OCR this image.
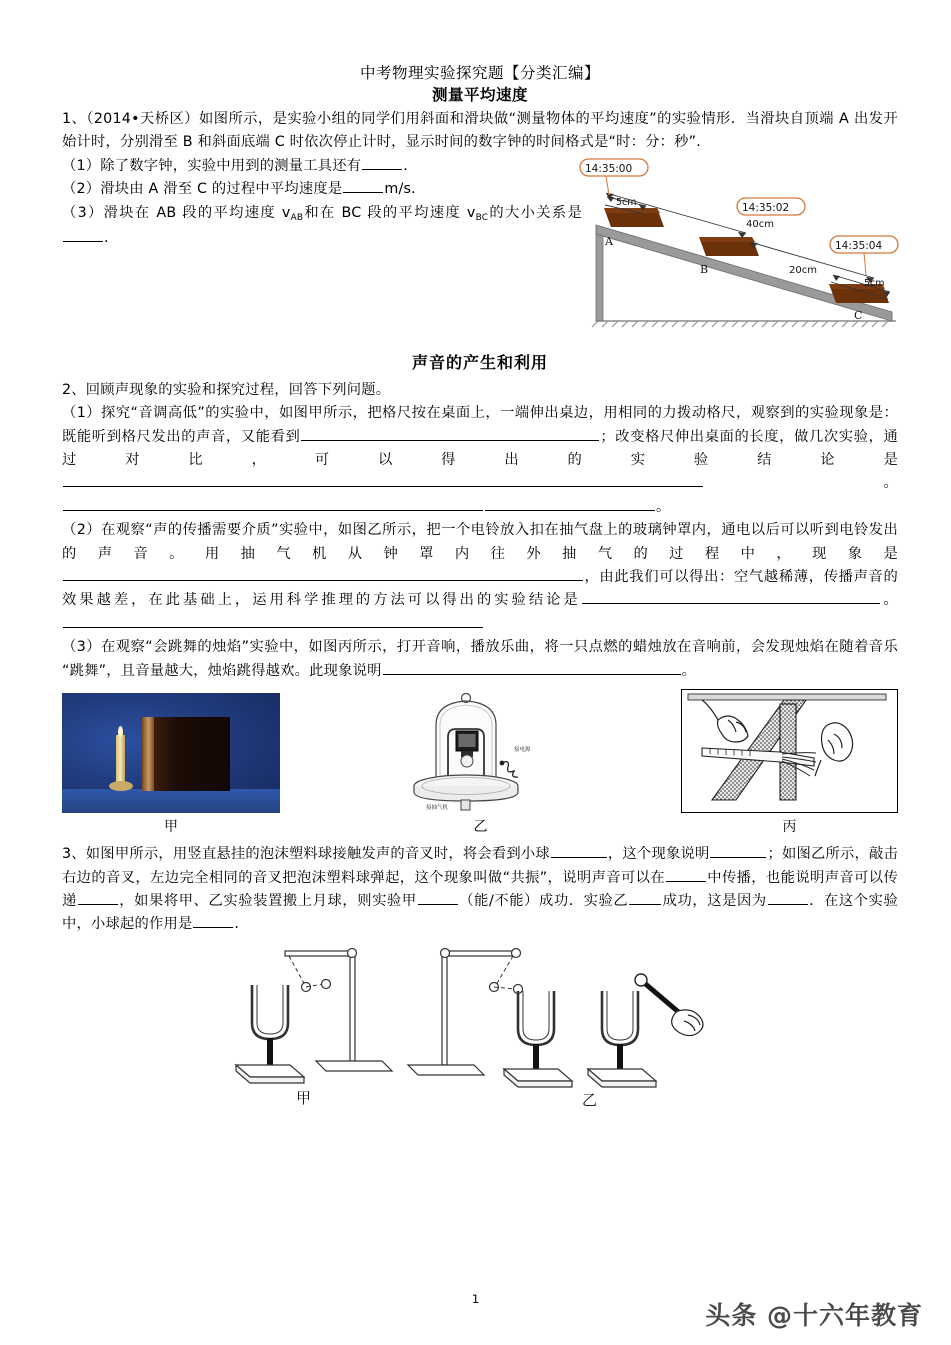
中考物理实验探究题【分类汇编】
测量平均速度

1、（2014•天桥区）如图所示，是实验小组的同学们用斜面和滑块做“测量物体的平均速度”的实验情形．当滑块自顶端 A 出发开始计时，分别滑至 B 和斜面底端 C 时依次停止计时，显示时间的数字钟的时间格式是“时：分：秒”．

（1）除了数字钟，实验中用到的测量工具还有	．

（2）滑块由 A 滑至 C 的过程中平均速度是	m/s．

（3）滑块在 AB 段的平均速度 $v_{AB}$和在 BC 段的平均速度 $v_{BC}$的大小关系是．	A
B
C
5cm
40cm
20cm
5cm
14:35:00
14:35:02
14:35:04
声音的产生和利用

2、回顾声现象的实验和探究过程，回答下列问题。

（1）探究“音调高低”的实验中，如图甲所示，把格尺按在桌面上，一端伸出桌边，用相同的力拨动格尺，观察到的实验现象是：既能听到格尺发出的声音，又能看到	；改变格尺伸出桌面的长度，做几次实验，通过对比，可以得出的实验结论是。。

（2）在观察“声的传播需要介质”实验中，如图乙所示，把一个电铃放入扣在抽气盘上的玻璃钟罩内，通电以后可以听到电铃发出的声音。用抽气机从钟罩内往外抽气的过程中，现象是，由此我们可以得出：空气越稀薄，传播声音的效果越差，在此基础上，运用科学推理的方法可以得出的实验结论是	。

（3）在观察“会跳舞的烛焰”实验中，如图丙所示，打开音响，播放乐曲，将一只点燃的蜡烛放在音响前，会发现烛焰在随着音乐“跳舞”，且音量越大，烛焰跳得越欢。此现象说明	。

甲
接电源
接抽气机
乙	丙

3、如图甲所示，用竖直悬挂的泡沫塑料球接触发声的音叉时，将会看到小球	，这个现象说明	；如图乙所示，敲击右边的音叉，左边完全相同的音叉把泡沫塑料球弹起，这个现象叫做“共振”，说明声音可以在	中传播，也能说明声音可以传递	，如果将甲、乙实验装置搬上月球，则实验甲	（能/不能）成功．实验乙 成功，这是因为	．在这个实验中，小球起的作用是	．

甲	乙
1
头条 @十六年教育
